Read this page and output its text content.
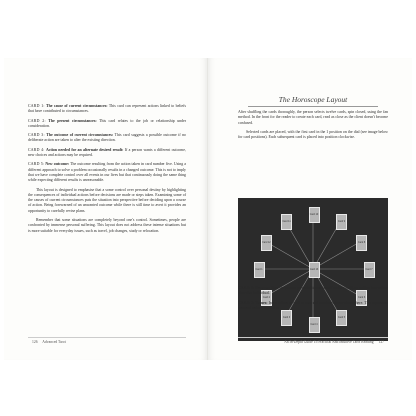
CARD 1: The cause of current circumstances: This card can represent actions linked to beliefs that have contributed to circumstances.

CARD 2: The present circumstances: This card relates to the job or relationship under consideration.

CARD 3: The outcome of current circumstances: This card suggests a possible outcome if no deliberate action are taken to alter the existing direction.

CARD 4: Action needed for an alternate desired result: If a person wants a different outcome, new choices and actions may be required.

CARD 5: New outcome: The outcome resulting from the action taken in card number five. Using a different approach to solve a problem occasionally results in a changed outcome. This is not to imply that we have complete control over all events in our lives but that continuously doing the same thing while expecting different results is unreasonable.

This layout is designed to emphasise that a some control over personal destiny by highlighting the consequences of individual actions before decisions are made or steps taken. Examining some of the causes of current circumstances puts the situation into perspective before deciding upon a course of action. Being forewarned of an unwanted outcome while there is still time to avert it provides an opportunity to carefully revise plans.

Remember that some situations are completely beyond one's control. Sometimes, people are confronted by immense personal suffering. This layout does not address these intense situations but is more suitable for everyday issues, such as travel, job changes, study or relocation.

126 Advanced Tarot
The Horoscope Layout

After shuffling the cards thoroughly, the person selects twelve cards, spin closed, using the fan method. In the front for the reader to create each card, read as close as the client doesn't become confused.

Selected cards are placed, with the first card in the 1 position on the dial (see image below for card positions). Each subsequent card is placed into position clockwise.

Card 1
Card 2
Card 3
Card 4
Card 5
Card 6
Card 7
Card 8
Card 9
Card 10
Card 11
Card 12
Card 13

CARD 1: Persona: How the person presents him or herself to the world, as well as how others view this individual.

CARD 2: Values: Inner values as well as material attachments are shown here. This represents personal values, as well as

An In-Depth Guide To Practical And Intuitive Tarot Reading 127
